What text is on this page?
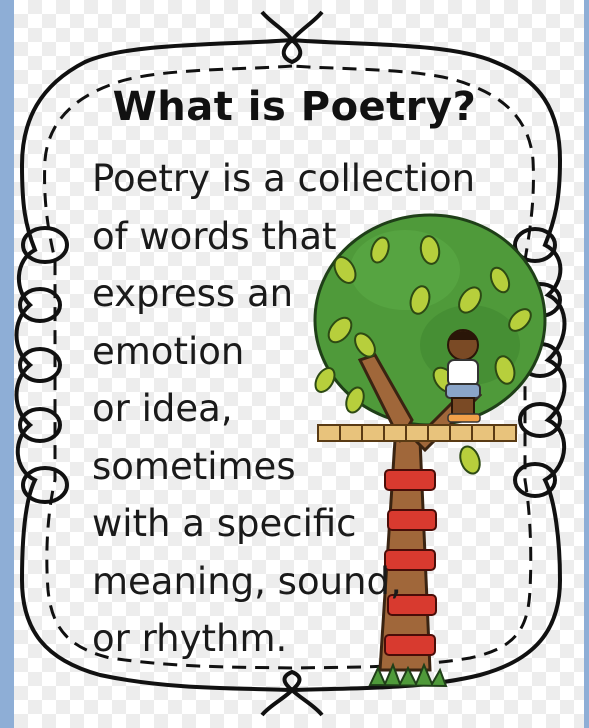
What is Poetry?

Poetry is a collection
of words that
express an
emotion
or idea,
sometimes
with a specific
meaning, sound,
or rhythm.
